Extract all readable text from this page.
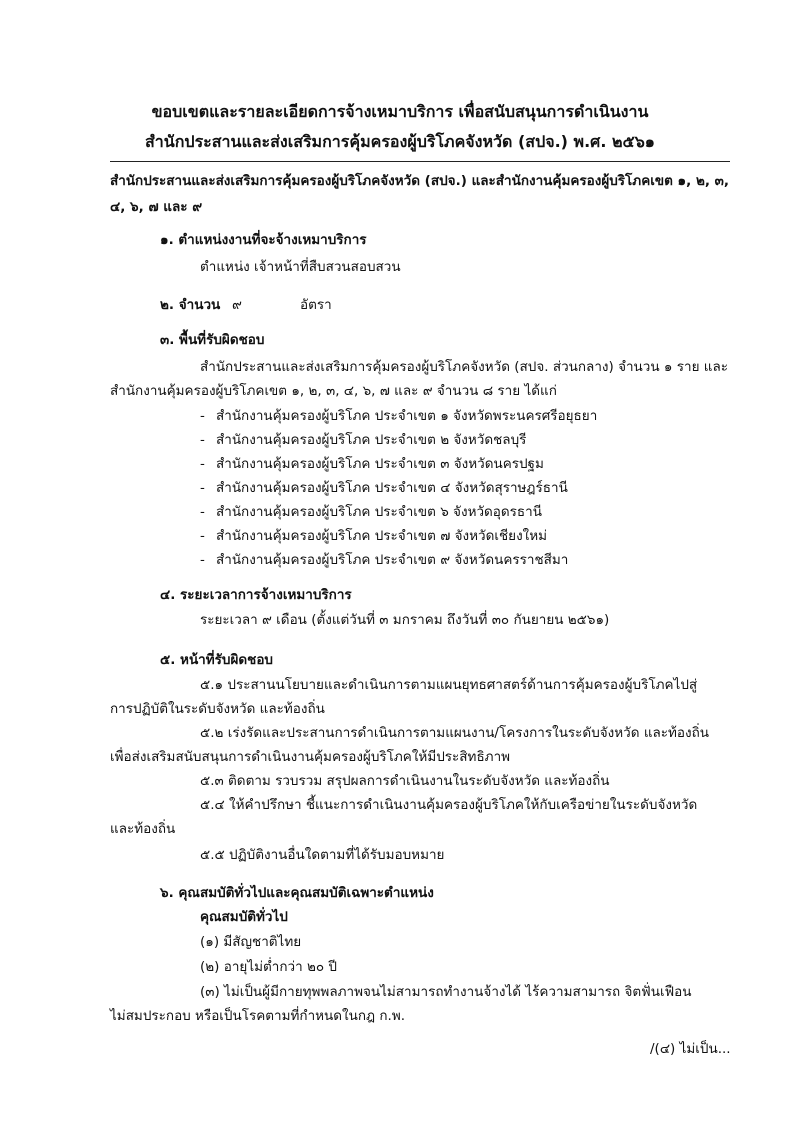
ขอบเขตและรายละเอียดการจ้างเหมาบริการ เพื่อสนับสนุนการดำเนินงาน
สำนักประสานและส่งเสริมการคุ้มครองผู้บริโภคจังหวัด (สปจ.) พ.ศ. ๒๕๖๑
สำนักประสานและส่งเสริมการคุ้มครองผู้บริโภคจังหวัด (สปจ.) และสำนักงานคุ้มครองผู้บริโภคเขต ๑, ๒, ๓,
๔, ๖, ๗ และ ๙
๑. ตำแหน่งงานที่จะจ้างเหมาบริการ
ตำแหน่ง เจ้าหน้าที่สืบสวนสอบสวน
๒. จำนวน ๙	อัตรา
๓. พื้นที่รับผิดชอบ
สำนักประสานและส่งเสริมการคุ้มครองผู้บริโภคจังหวัด (สปจ. ส่วนกลาง) จำนวน ๑ ราย และ
สำนักงานคุ้มครองผู้บริโภคเขต ๑, ๒, ๓, ๔, ๖, ๗ และ ๙ จำนวน ๘ ราย ได้แก่
- สำนักงานคุ้มครองผู้บริโภค ประจำเขต ๑ จังหวัดพระนครศรีอยุธยา
- สำนักงานคุ้มครองผู้บริโภค ประจำเขต ๒ จังหวัดชลบุรี
- สำนักงานคุ้มครองผู้บริโภค ประจำเขต ๓ จังหวัดนครปฐม
- สำนักงานคุ้มครองผู้บริโภค ประจำเขต ๔ จังหวัดสุราษฎร์ธานี
- สำนักงานคุ้มครองผู้บริโภค ประจำเขต ๖ จังหวัดอุดรธานี
- สำนักงานคุ้มครองผู้บริโภค ประจำเขต ๗ จังหวัดเชียงใหม่
- สำนักงานคุ้มครองผู้บริโภค ประจำเขต ๙ จังหวัดนครราชสีมา
๔. ระยะเวลาการจ้างเหมาบริการ
ระยะเวลา ๙ เดือน (ตั้งแต่วันที่ ๓ มกราคม ถึงวันที่ ๓๐ กันยายน ๒๕๖๑)
๕. หน้าที่รับผิดชอบ
๕.๑ ประสานนโยบายและดำเนินการตามแผนยุทธศาสตร์ด้านการคุ้มครองผู้บริโภคไปสู่
การปฏิบัติในระดับจังหวัด และท้องถิ่น
๕.๒ เร่งรัดและประสานการดำเนินการตามแผนงาน/โครงการในระดับจังหวัด และท้องถิ่น
เพื่อส่งเสริมสนับสนุนการดำเนินงานคุ้มครองผู้บริโภคให้มีประสิทธิภาพ
๕.๓ ติดตาม รวบรวม สรุปผลการดำเนินงานในระดับจังหวัด และท้องถิ่น
๕.๔ ให้คำปรึกษา ชี้แนะการดำเนินงานคุ้มครองผู้บริโภคให้กับเครือข่ายในระดับจังหวัด
และท้องถิ่น
๕.๕ ปฏิบัติงานอื่นใดตามที่ได้รับมอบหมาย
๖. คุณสมบัติทั่วไปและคุณสมบัติเฉพาะตำแหน่ง
คุณสมบัติทั่วไป
(๑) มีสัญชาติไทย
(๒) อายุไม่ต่ำกว่า ๒๐ ปี
(๓) ไม่เป็นผู้มีกายทุพพลภาพจนไม่สามารถทำงานจ้างได้ ไร้ความสามารถ จิตฟั่นเฟือน
ไม่สมประกอบ หรือเป็นโรคตามที่กำหนดในกฎ ก.พ.
/(๔) ไม่เป็น...
